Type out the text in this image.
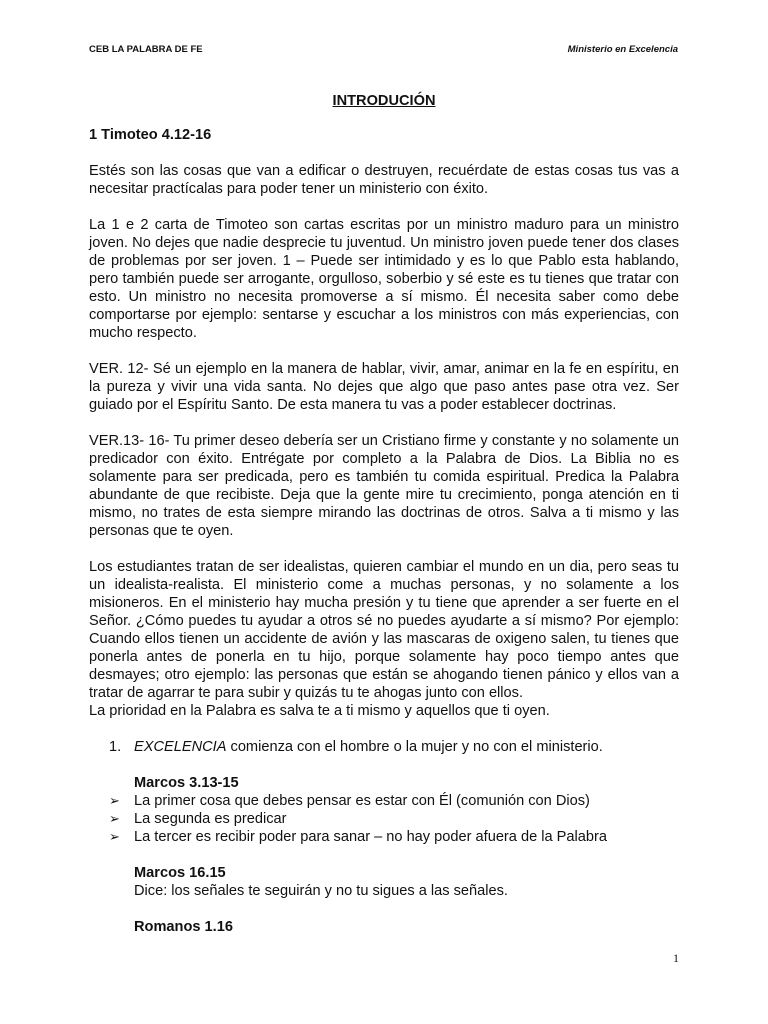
CEB LA PALABRA DE FE	Ministerio en Excelencia
INTRODUCIÓN
1 Timoteo 4.12-16

Estés son las cosas que van a edificar o destruyen, recuérdate de estas cosas tus vas a necesitar practícalas para poder tener un ministerio con éxito.

La 1 e 2 carta de Timoteo son cartas escritas por un ministro maduro para un ministro joven. No dejes que nadie desprecie tu juventud. Un ministro joven puede tener dos clases de problemas por ser joven. 1 – Puede ser intimidado y es lo que Pablo esta hablando, pero también puede ser arrogante, orgulloso, soberbio y sé este es tu tienes que tratar con esto. Un ministro no necesita promoverse a sí mismo. Él necesita saber como debe comportarse por ejemplo: sentarse y escuchar a los ministros con más experiencias, con mucho respecto.

VER. 12- Sé un ejemplo en la manera de hablar, vivir, amar, animar en la fe en espíritu, en la pureza y vivir una vida santa. No dejes que algo que paso antes pase otra vez. Ser guiado por el Espíritu Santo. De esta manera tu vas a poder establecer doctrinas.

VER.13- 16- Tu primer deseo debería ser un Cristiano firme y constante y no solamente un predicador con éxito. Entrégate por completo a la Palabra de Dios. La Biblia no es solamente para ser predicada, pero es también tu comida espiritual. Predica la Palabra abundante de que recibiste. Deja que la gente mire tu crecimiento, ponga atención en ti mismo, no trates de esta siempre mirando las doctrinas de otros. Salva a ti mismo y las personas que te oyen.

Los estudiantes tratan de ser idealistas, quieren cambiar el mundo en un dia, pero seas tu un idealista-realista. El ministerio come a muchas personas, y no solamente a los misioneros. En el ministerio hay mucha presión y tu tiene que aprender a ser fuerte en el Señor. ¿Cómo puedes tu ayudar a otros sé no puedes ayudarte a sí mismo? Por ejemplo: Cuando ellos tienen un accidente de avión y las mascaras de oxigeno salen, tu tienes que ponerla antes de ponerla en tu hijo, porque solamente hay poco tiempo antes que desmayes; otro ejemplo: las personas que están se ahogando tienen pánico y ellos van a tratar de agarrar te para subir y quizás tu te ahogas junto con ellos.

La prioridad en la Palabra es salva te a ti mismo y aquellos que ti oyen.

1. EXCELENCIA comienza con el hombre o la mujer y no con el ministerio.
Marcos 3.13-15
➢ La primer cosa que debes pensar es estar con Él (comunión con Dios)
➢ La segunda es predicar
➢ La tercer es recibir poder para sanar – no hay poder afuera de la Palabra
Marcos 16.15
Dice: los señales te seguirán y no tu sigues a las señales.
Romanos 1.16
1
